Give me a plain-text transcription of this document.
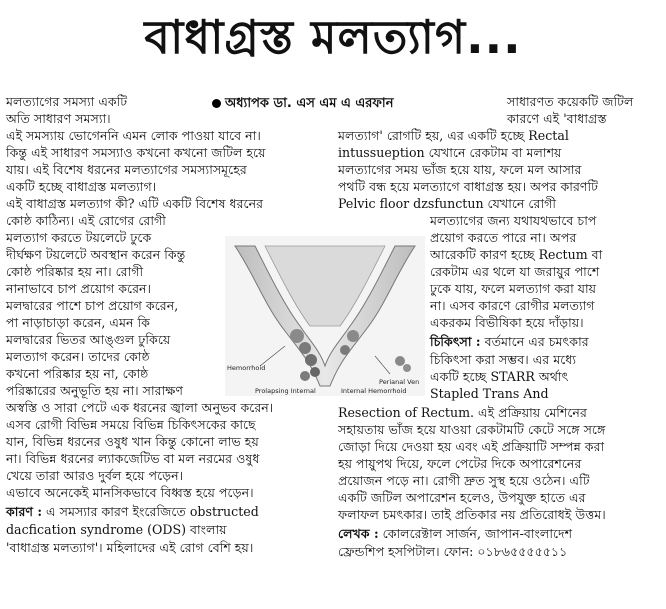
বাধাগ্রস্ত মলত্যাগ...
অধ্যাপক ডা. এস এম এ এরফান
মলত্যাগের সমস্যা একটি
অতি সাধারণ সমস্যা।
সাধারণত কয়েকটি জটিল
কারণে এই 'বাধাগ্রস্ত
এই সমস্যায় ভোগেননি এমন লোক পাওয়া যাবে না।
কিন্তু এই সাধারণ সমস্যাও কখনো কখনো জটিল হয়ে
যায়। এই বিশেষ ধরনের মলত্যাগের সমস্যাসমূহের
একটি হচ্ছে বাধাগ্রস্ত মলত্যাগ।
এই বাধাগ্রস্ত মলত্যাগ কী? এটি একটি বিশেষ ধরনের
কোষ্ঠ কাঠিন্য। এই রোগের রোগী
মলত্যাগ করতে টয়লেটে ঢুকে
দীর্ঘক্ষণ টয়লেটে অবস্থান করেন কিন্তু
কোষ্ঠ পরিষ্কার হয় না। রোগী
নানাভাবে চাপ প্রয়োগ করেন।
মলদ্বারের পাশে চাপ প্রয়োগ করেন,
পা নাড়াচাড়া করেন, এমন কি
মলদ্বারের ভিতর আঙ্গুল ঢুকিয়ে
মলত্যাগ করেন। তাদের কোষ্ঠ
কখনো পরিষ্কার হয় না, কোষ্ঠ
পরিষ্কারের অনুভূতি হয় না। সারাক্ষণ
অস্বস্তি ও সারা পেটে এক ধরনের জ্বালা অনুভব করেন।
এসব রোগী বিভিন্ন সময়ে বিভিন্ন চিকিৎসকের কাছে
যান, বিভিন্ন ধরনের ওষুধ খান কিন্তু কোনো লাভ হয়
না। বিভিন্ন ধরনের ল্যাকজেটিভ বা মল নরমের ওষুধ
খেয়ে তারা আরও দুর্বল হয়ে পড়েন।
এভাবে অনেকেই মানসিকভাবে বিধ্বস্ত হয়ে পড়েন।
কারণ : এ সমস্যার কারণ ইংরেজিতে obstructed
dacfication syndrome (ODS) বাংলায়
'বাধাগ্রস্ত মলত্যাগ'। মহিলাদের এই রোগ বেশি হয়।
মলত্যাগ' রোগটি হয়, এর একটি হচ্ছে Rectal
intussueption যেখানে রেকটাম বা মলাশয়
মলত্যাগের সময় ভাঁজ হয়ে যায়, ফলে মল আসার
পথটি বন্ধ হয়ে মলত্যাগে বাধাগ্রস্ত হয়। অপর কারণটি
Pelvic floor dzsfunctun যেখানে রোগী
মলত্যাগের জন্য যথাযথভাবে চাপ
প্রয়োগ করতে পারে না। অপর
আরেকটি কারণ হচ্ছে Rectum বা
রেকটাম এর থলে যা জরায়ুর পাশে
ঢুকে যায়, ফলে মলত্যাগ করা যায়
না। এসব কারণে রোগীর মলত্যাগ
একরকম বিভীষিকা হয়ে দাঁড়ায়।
চিকিৎসা : বর্তমানে এর চমৎকার
চিকিৎসা করা সম্ভব। এর মধ্যে
একটি হচ্ছে STARR অর্থাৎ
Stapled Trans And
Resection of Rectum. এই প্রক্রিয়ায় মেশিনের
সহায়তায় ভাঁজ হয়ে যাওয়া রেকটামটি কেটে সঙ্গে সঙ্গে
জোড়া দিয়ে দেওয়া হয় এবং এই প্রক্রিয়াটি সম্পন্ন করা
হয় পায়ুপথ দিয়ে, ফলে পেটের দিকে অপারেশনের
প্রয়োজন পড়ে না। রোগী দ্রুত সুস্থ হয়ে ওঠেন। এটি
একটি জটিল অপারেশন হলেও, উপযুক্ত হাতে এর
ফলাফল চমৎকার। তাই প্রতিকার নয় প্রতিরোধই উত্তম।
লেখক : কোলরেক্টাল সার্জন, জাপান-বাংলাদেশ
ফ্রেন্ডশিপ হসপিটাল। ফোন: ০১৮৬৫৫৫৫৫১১
Hemorrhoid
Perianal Ven
Prolapsing Internal	Internal Hemorrhoid
